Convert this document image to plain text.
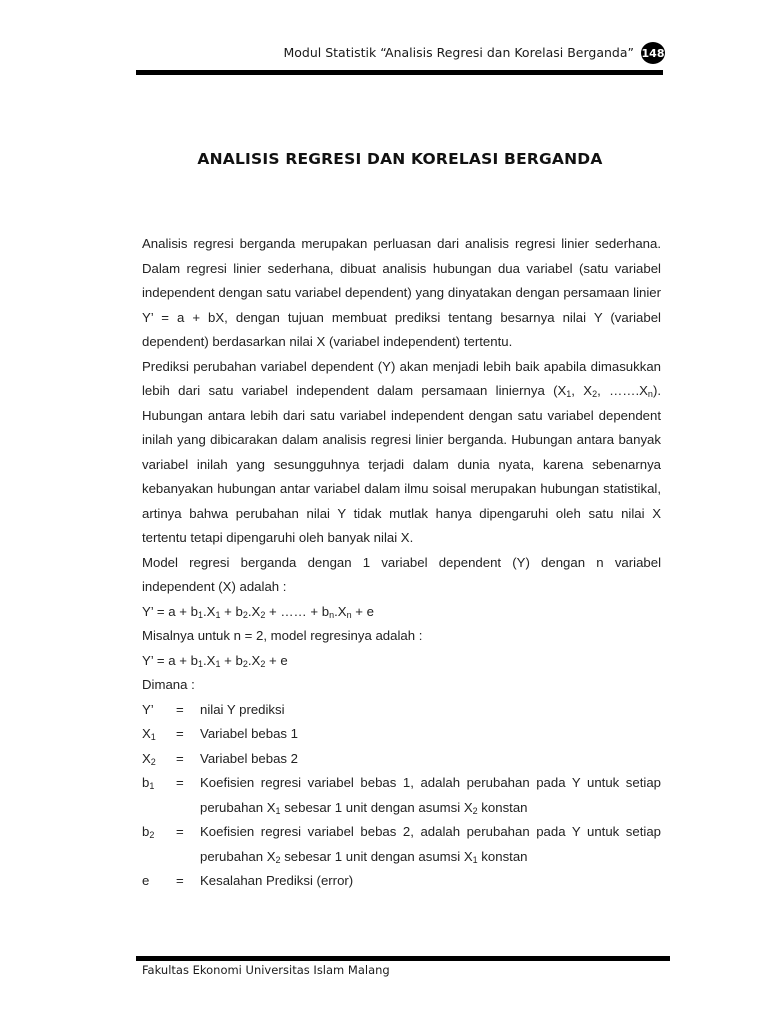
Modul Statistik “Analisis Regresi dan Korelasi Berganda” 148
ANALISIS REGRESI DAN KORELASI BERGANDA

Analisis regresi berganda merupakan perluasan dari analisis regresi linier sederhana. Dalam regresi linier sederhana, dibuat analisis hubungan dua variabel (satu variabel independent dengan satu variabel dependent) yang dinyatakan dengan persamaan linier Y’ = a + bX, dengan tujuan membuat prediksi tentang besarnya nilai Y (variabel dependent) berdasarkan nilai X (variabel independent) tertentu.

Prediksi perubahan variabel dependent (Y) akan menjadi lebih baik apabila dimasukkan lebih dari satu variabel independent dalam persamaan liniernya ($X_1$, $X_2$, $\dots\dots.X_n$). Hubungan antara lebih dari satu variabel independent dengan satu variabel dependent inilah yang dibicarakan dalam analisis regresi linier berganda. Hubungan antara banyak variabel inilah yang sesungguhnya terjadi dalam dunia nyata, karena sebenarnya kebanyakan hubungan antar variabel dalam ilmu soisal merupakan hubungan statistikal, artinya bahwa perubahan nilai Y tidak mutlak hanya dipengaruhi oleh satu nilai X tertentu tetapi dipengaruhi oleh banyak nilai X.

Model regresi berganda dengan 1 variabel dependent (Y) dengan n variabel independent (X) adalah :

Y’ = $a + b_1.X_1 + b_2.X_2$ + …… + $b_n.X_n + e$
Misalnya untuk n = 2, model regresinya adalah :
Y’ = $a + b_1.X_1 + b_2.X_2 + e$
Dimana :
Y’	=	nilai Y prediksi
$X_1$	=	Variabel bebas 1
$X_2$	=	Variabel bebas 2
$b_1$	=	Koefisien regresi variabel bebas 1, adalah perubahan pada Y untuk setiap perubahan $X_1$ sebesar 1 unit dengan asumsi $X_2$ konstan
$b_2$	=	Koefisien regresi variabel bebas 2, adalah perubahan pada Y untuk setiap perubahan $X_2$ sebesar 1 unit dengan asumsi $X_1$ konstan
e	=	Kesalahan Prediksi (error)
Fakultas Ekonomi Universitas Islam Malang
